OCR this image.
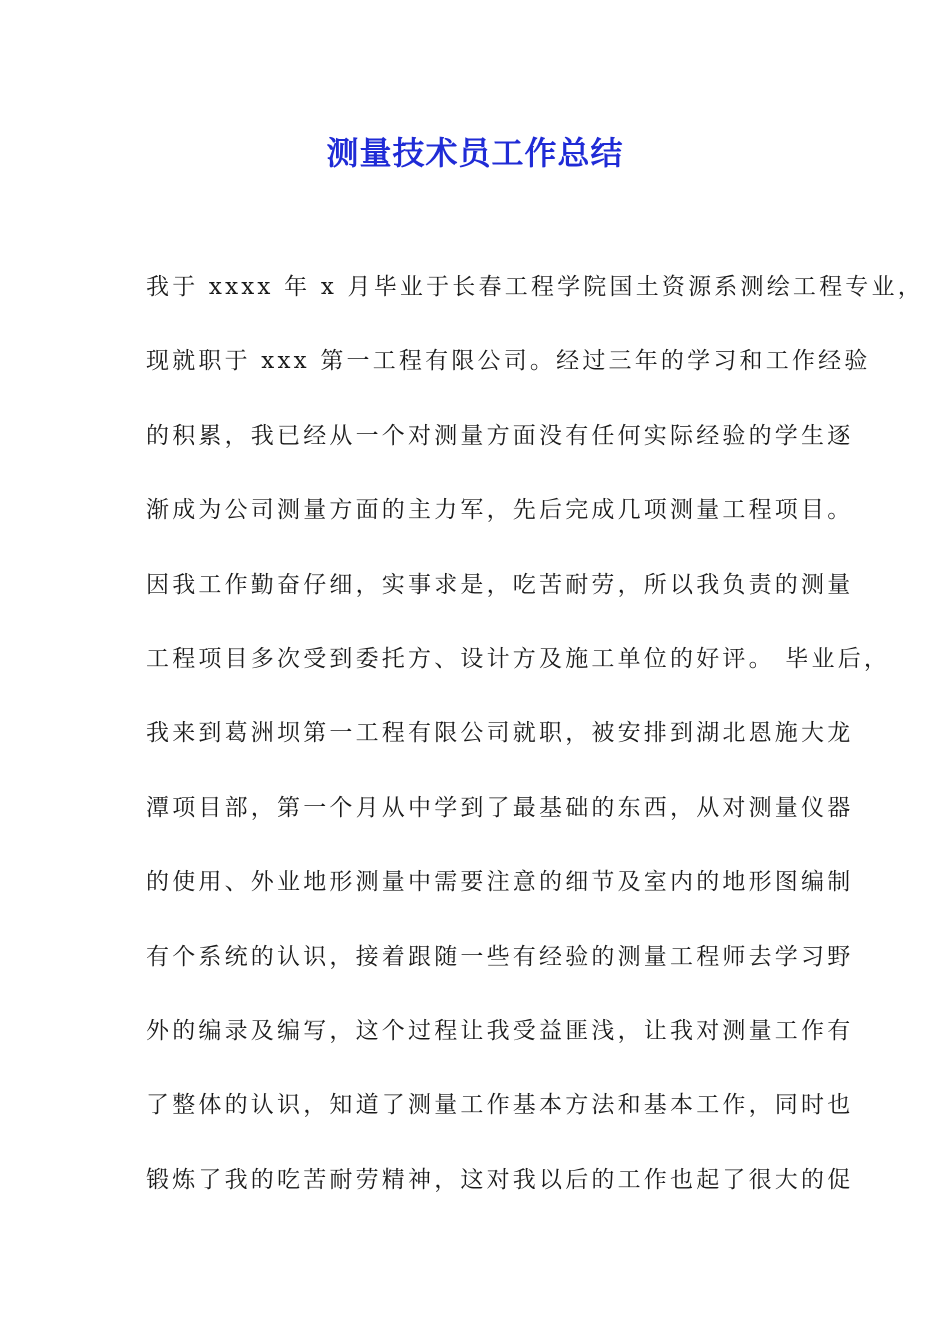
测量技术员工作总结
我于 xxxx 年 x 月毕业于长春工程学院国土资源系测绘工程专业，
现就职于 xxx 第一工程有限公司。经过三年的学习和工作经验
的积累，我已经从一个对测量方面没有任何实际经验的学生逐
渐成为公司测量方面的主力军，先后完成几项测量工程项目。
因我工作勤奋仔细，实事求是，吃苦耐劳，所以我负责的测量
工程项目多次受到委托方、设计方及施工单位的好评。 毕业后，
我来到葛洲坝第一工程有限公司就职，被安排到湖北恩施大龙
潭项目部，第一个月从中学到了最基础的东西，从对测量仪器
的使用、外业地形测量中需要注意的细节及室内的地形图编制
有个系统的认识，接着跟随一些有经验的测量工程师去学习野
外的编录及编写，这个过程让我受益匪浅，让我对测量工作有
了整体的认识，知道了测量工作基本方法和基本工作，同时也
锻炼了我的吃苦耐劳精神，这对我以后的工作也起了很大的促
